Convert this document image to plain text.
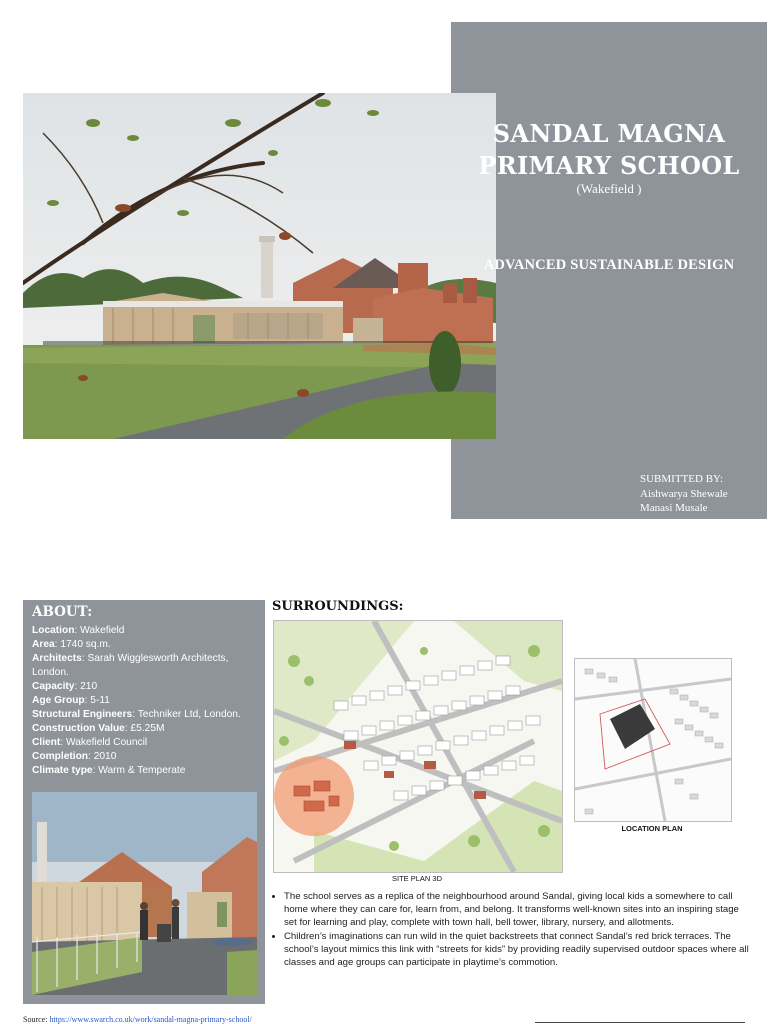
SANDAL MAGNA
PRIMARY SCHOOL
(Wakefield )
ADVANCED SUSTAINABLE DESIGN
SUBMITTED BY:
Aishwarya Shewale
Manasi Musale
ABOUT:
Location: Wakefield
Area: 1740 sq.m.
Architects: Sarah Wigglesworth Architects, London.
Capacity: 210
Age Group: 5-11
Structural Engineers: Techniker Ltd, London.
Construction Value: £5.25M
Client: Wakefield Council
Completion: 2010
Climate type: Warm & Temperate
SURROUNDINGS:
SITE PLAN 3D
LOCATION PLAN
• The school serves as a replica of the neighbourhood around Sandal, giving local kids a somewhere to call home where they can care for, learn from, and belong. It transforms well-known sites into an inspiring stage set for learning and play, complete with town hall, bell tower, library, nursery, and allotments.
• Children’s imaginations can run wild in the quiet backstreets that connect Sandal’s red brick terraces. The school’s layout mimics this link with “streets for kids” by providing readily supervised outdoor spaces where all classes and age groups can participate in playtime’s commotion.
Source: https://www.swarch.co.uk/work/sandal-magna-primary-school/
